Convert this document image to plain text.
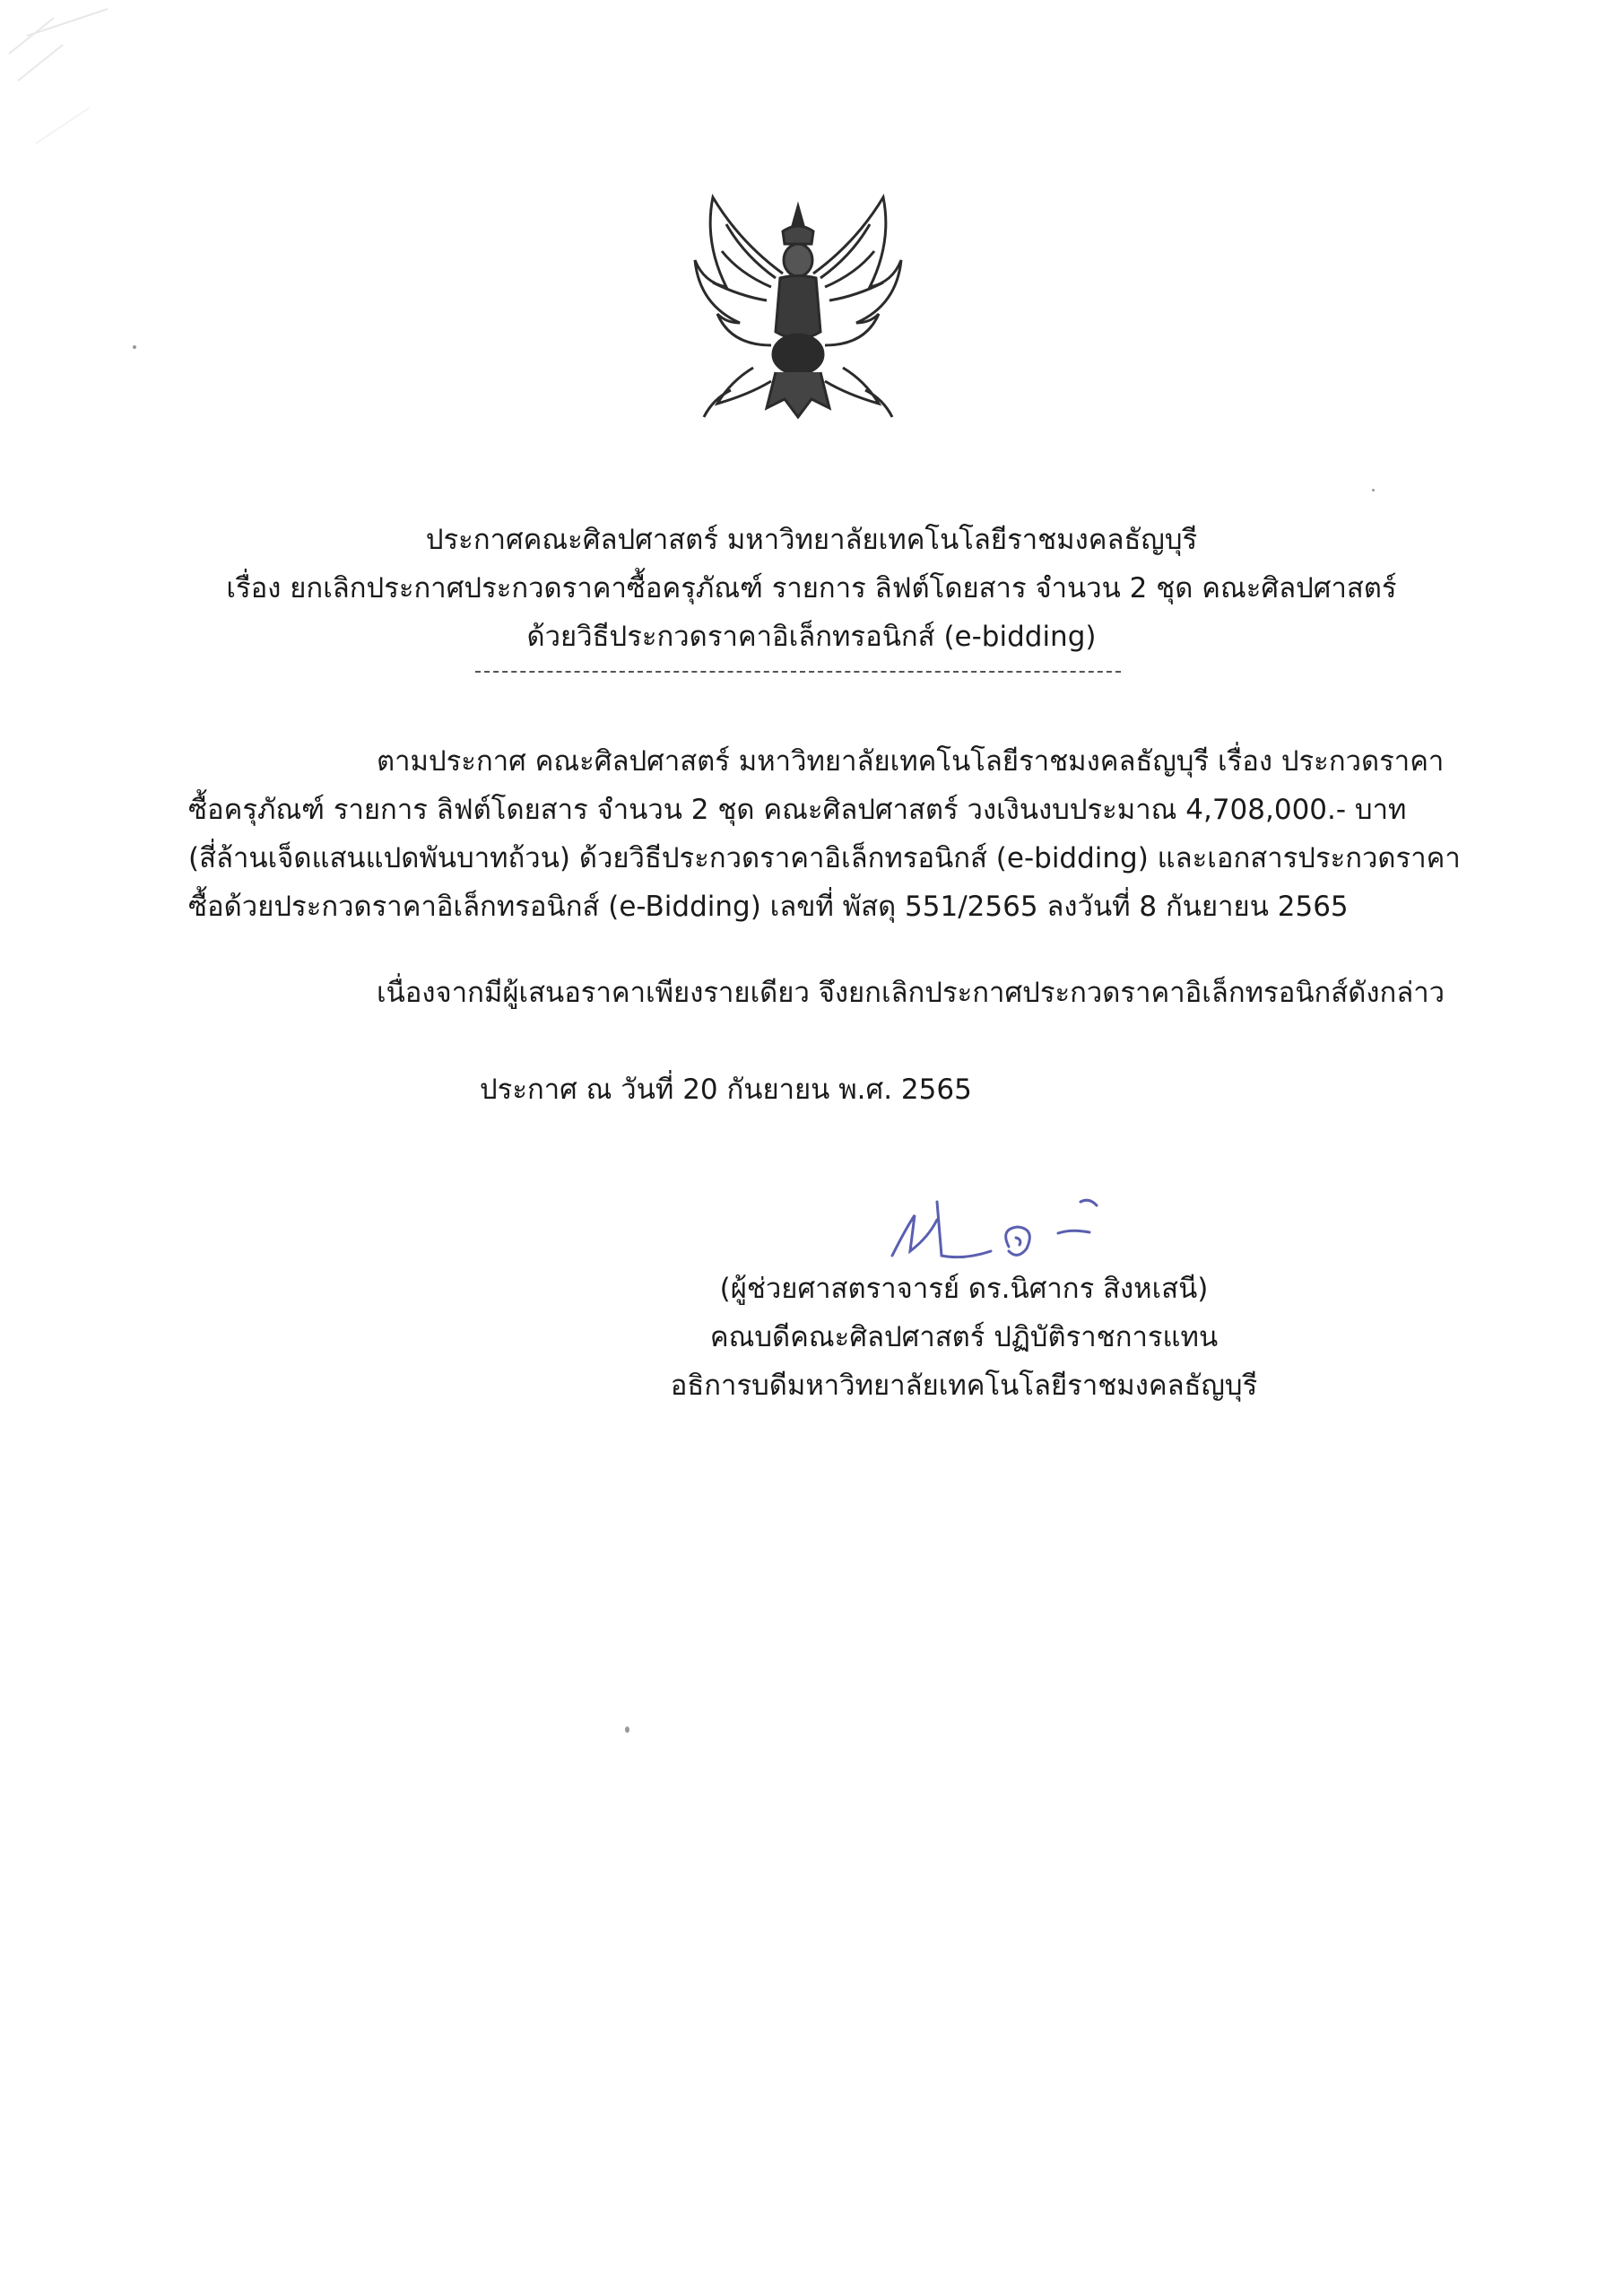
ประกาศคณะศิลปศาสตร์ มหาวิทยาลัยเทคโนโลยีราชมงคลธัญบุรี
เรื่อง ยกเลิกประกาศประกวดราคาซื้อครุภัณฑ์ รายการ ลิฟต์โดยสาร จำนวน 2 ชุด คณะศิลปศาสตร์
ด้วยวิธีประกวดราคาอิเล็กทรอนิกส์ (e-bidding)
ตามประกาศ คณะศิลปศาสตร์ มหาวิทยาลัยเทคโนโลยีราชมงคลธัญบุรี เรื่อง ประกวดราคา
ซื้อครุภัณฑ์ รายการ ลิฟต์โดยสาร จำนวน 2 ชุด คณะศิลปศาสตร์ วงเงินงบประมาณ 4,708,000.- บาท
(สี่ล้านเจ็ดแสนแปดพันบาทถ้วน) ด้วยวิธีประกวดราคาอิเล็กทรอนิกส์ (e-bidding) และเอกสารประกวดราคา
ซื้อด้วยประกวดราคาอิเล็กทรอนิกส์ (e-Bidding) เลขที่ พัสดุ 551/2565 ลงวันที่ 8 กันยายน 2565
เนื่องจากมีผู้เสนอราคาเพียงรายเดียว จึงยกเลิกประกาศประกวดราคาอิเล็กทรอนิกส์ดังกล่าว
ประกาศ ณ วันที่ 20 กันยายน พ.ศ. 2565
(ผู้ช่วยศาสตราจารย์ ดร.นิศากร สิงหเสนี)
คณบดีคณะศิลปศาสตร์ ปฏิบัติราชการแทน
อธิการบดีมหาวิทยาลัยเทคโนโลยีราชมงคลธัญบุรี
